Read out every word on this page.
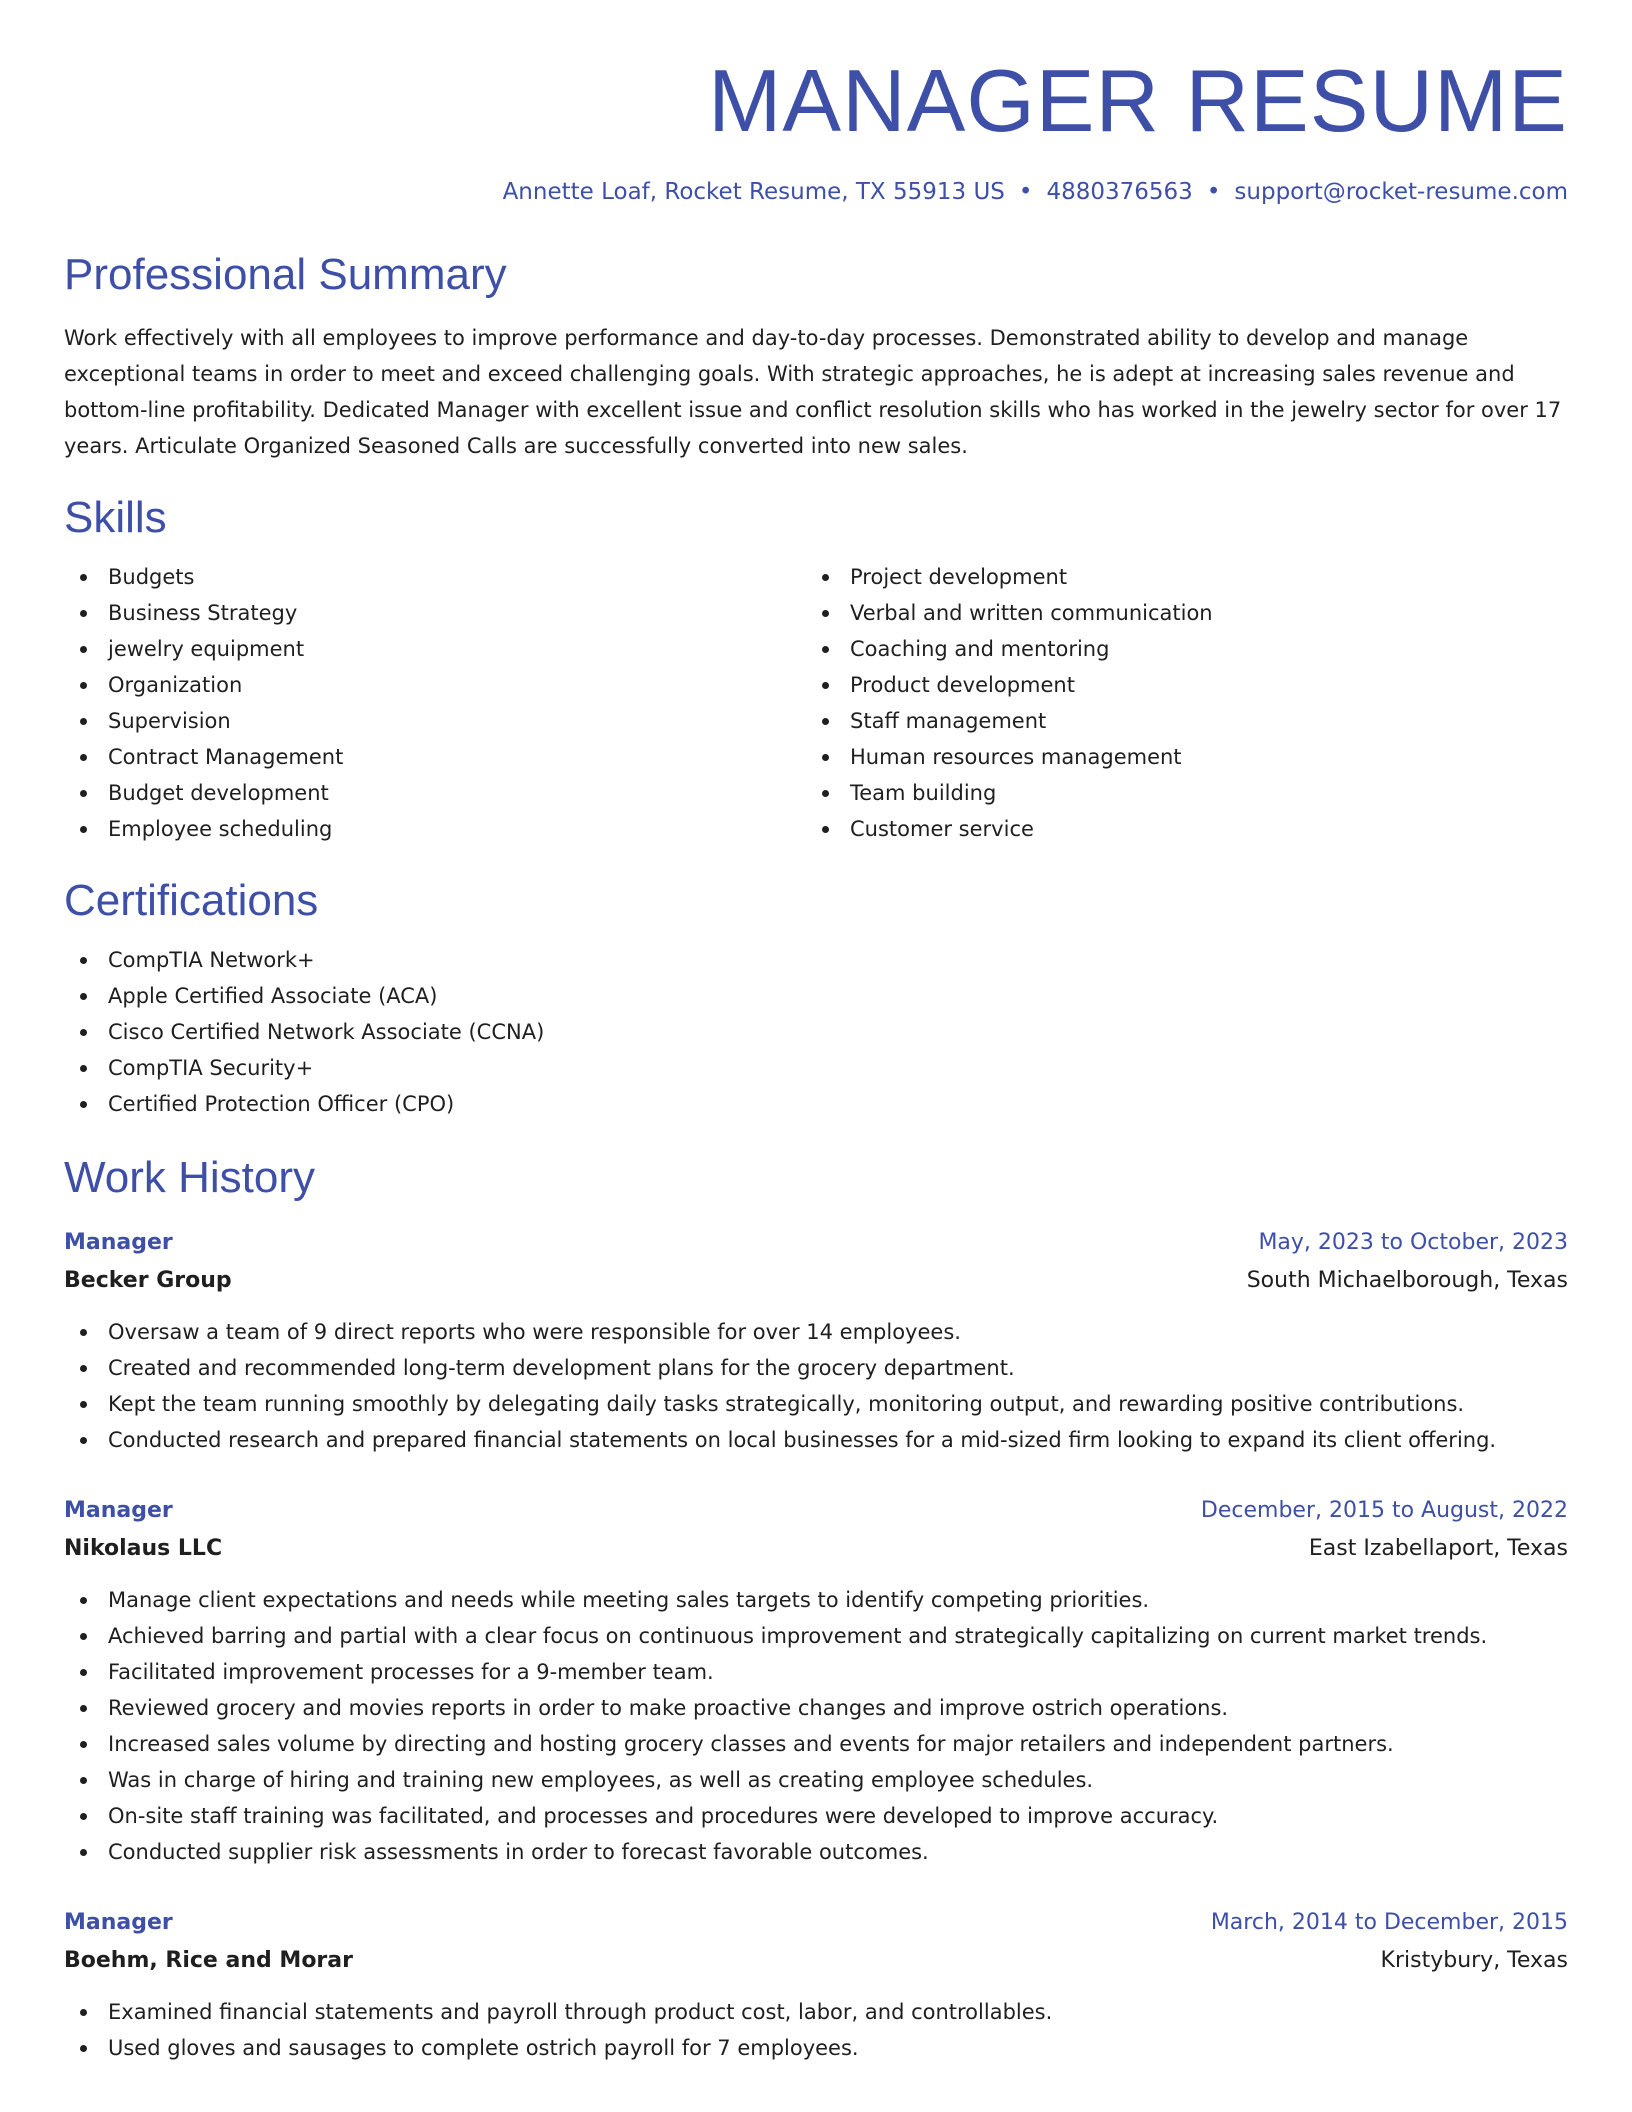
MANAGER RESUME
Annette Loaf, Rocket Resume, TX 55913 US • 4880376563 • support@rocket-resume.com
Professional Summary

Work effectively with all employees to improve performance and day-to-day processes. Demonstrated ability to develop and manage exceptional teams in order to meet and exceed challenging goals. With strategic approaches, he is adept at increasing sales revenue and bottom-line profitability. Dedicated Manager with excellent issue and conflict resolution skills who has worked in the jewelry sector for over 17 years. Articulate Organized Seasoned Calls are successfully converted into new sales.

Skills
Budgets
Business Strategy
jewelry equipment
Organization
Supervision
Contract Management
Budget development
Employee scheduling
Project development
Verbal and written communication
Coaching and mentoring
Product development
Staff management
Human resources management
Team building
Customer service
Certifications
CompTIA Network+
Apple Certified Associate (ACA)
Cisco Certified Network Associate (CCNA)
CompTIA Security+
Certified Protection Officer (CPO)
Work History
Manager	May, 2023 to October, 2023
Becker Group	South Michaelborough, Texas
Oversaw a team of 9 direct reports who were responsible for over 14 employees.
Created and recommended long-term development plans for the grocery department.
Kept the team running smoothly by delegating daily tasks strategically, monitoring output, and rewarding positive contributions.
Conducted research and prepared financial statements on local businesses for a mid-sized firm looking to expand its client offering.
Manager	December, 2015 to August, 2022
Nikolaus LLC	East Izabellaport, Texas
Manage client expectations and needs while meeting sales targets to identify competing priorities.
Achieved barring and partial with a clear focus on continuous improvement and strategically capitalizing on current market trends.
Facilitated improvement processes for a 9-member team.
Reviewed grocery and movies reports in order to make proactive changes and improve ostrich operations.
Increased sales volume by directing and hosting grocery classes and events for major retailers and independent partners.
Was in charge of hiring and training new employees, as well as creating employee schedules.
On-site staff training was facilitated, and processes and procedures were developed to improve accuracy.
Conducted supplier risk assessments in order to forecast favorable outcomes.
Manager	March, 2014 to December, 2015
Boehm, Rice and Morar	Kristybury, Texas
Examined financial statements and payroll through product cost, labor, and controllables.
Used gloves and sausages to complete ostrich payroll for 7 employees.
